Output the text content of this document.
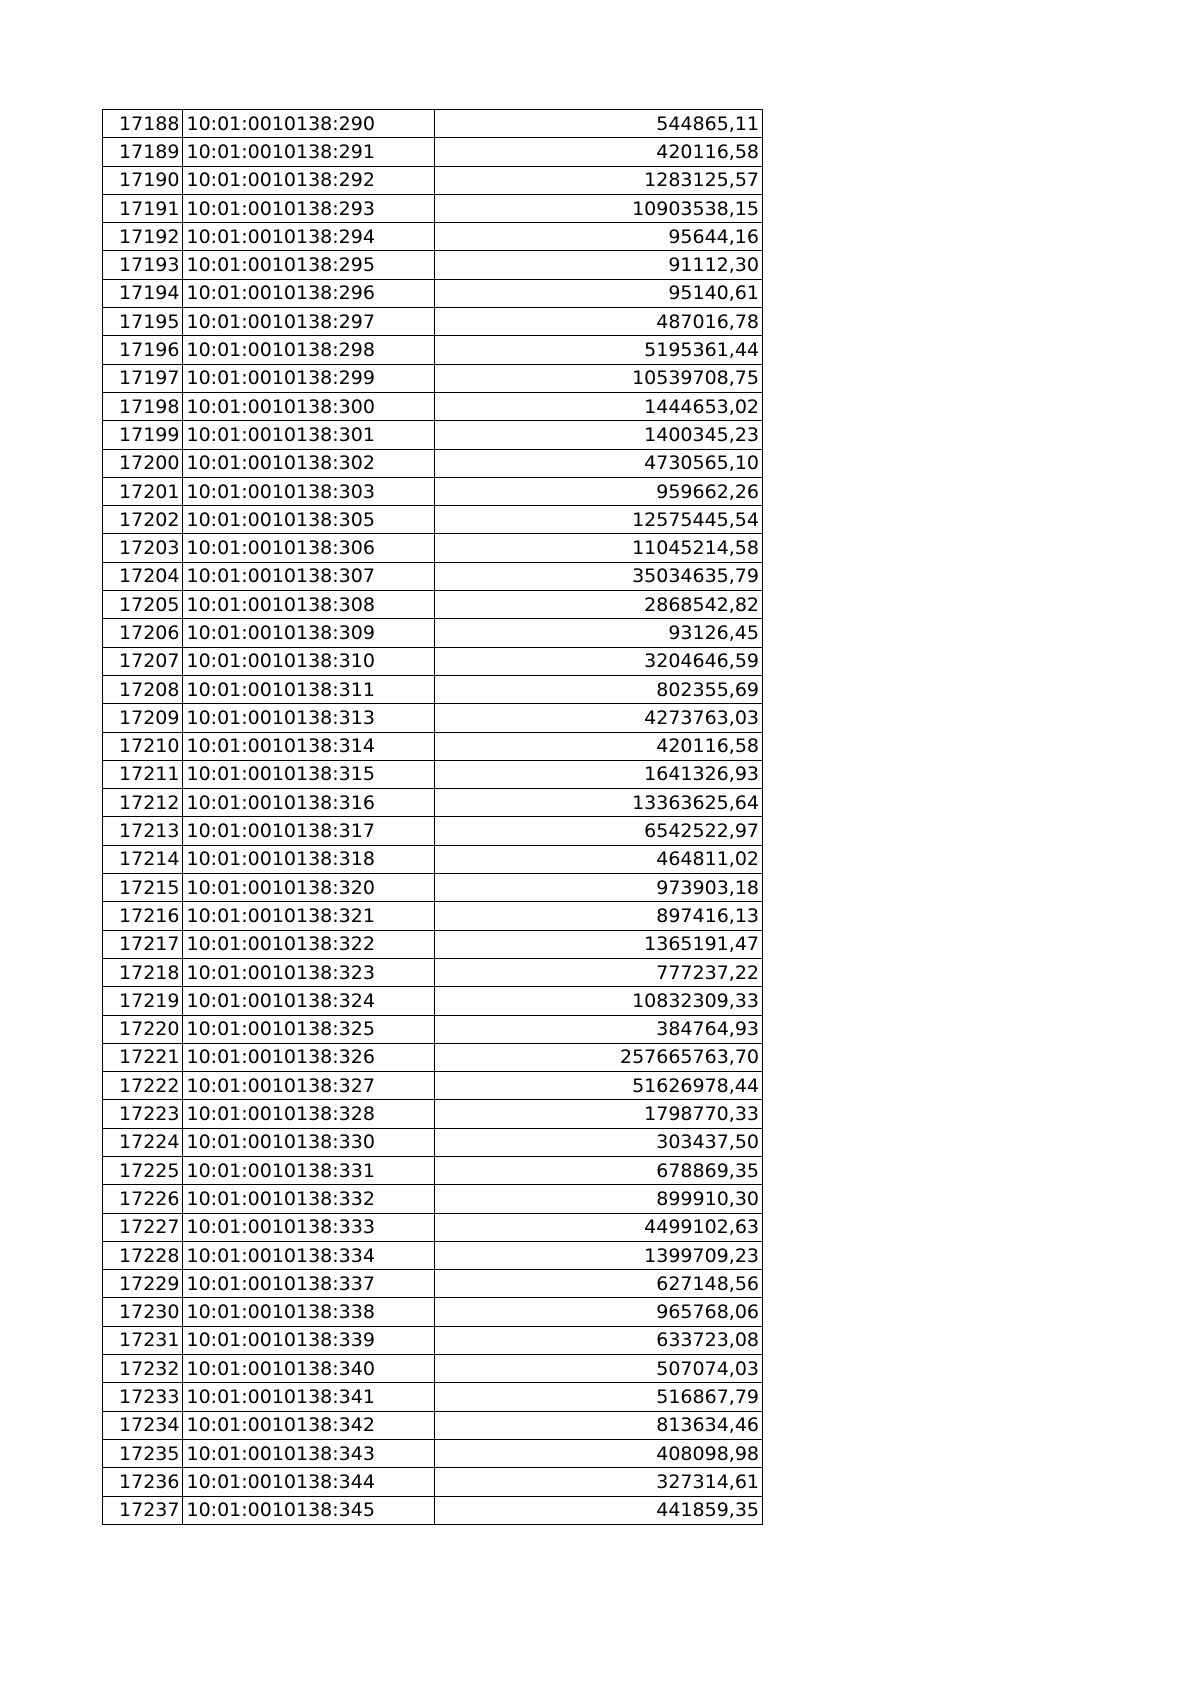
17188	10:01:0010138:290	544865,11
17189	10:01:0010138:291	420116,58
17190	10:01:0010138:292	1283125,57
17191	10:01:0010138:293	10903538,15
17192	10:01:0010138:294	95644,16
17193	10:01:0010138:295	91112,30
17194	10:01:0010138:296	95140,61
17195	10:01:0010138:297	487016,78
17196	10:01:0010138:298	5195361,44
17197	10:01:0010138:299	10539708,75
17198	10:01:0010138:300	1444653,02
17199	10:01:0010138:301	1400345,23
17200	10:01:0010138:302	4730565,10
17201	10:01:0010138:303	959662,26
17202	10:01:0010138:305	12575445,54
17203	10:01:0010138:306	11045214,58
17204	10:01:0010138:307	35034635,79
17205	10:01:0010138:308	2868542,82
17206	10:01:0010138:309	93126,45
17207	10:01:0010138:310	3204646,59
17208	10:01:0010138:311	802355,69
17209	10:01:0010138:313	4273763,03
17210	10:01:0010138:314	420116,58
17211	10:01:0010138:315	1641326,93
17212	10:01:0010138:316	13363625,64
17213	10:01:0010138:317	6542522,97
17214	10:01:0010138:318	464811,02
17215	10:01:0010138:320	973903,18
17216	10:01:0010138:321	897416,13
17217	10:01:0010138:322	1365191,47
17218	10:01:0010138:323	777237,22
17219	10:01:0010138:324	10832309,33
17220	10:01:0010138:325	384764,93
17221	10:01:0010138:326	257665763,70
17222	10:01:0010138:327	51626978,44
17223	10:01:0010138:328	1798770,33
17224	10:01:0010138:330	303437,50
17225	10:01:0010138:331	678869,35
17226	10:01:0010138:332	899910,30
17227	10:01:0010138:333	4499102,63
17228	10:01:0010138:334	1399709,23
17229	10:01:0010138:337	627148,56
17230	10:01:0010138:338	965768,06
17231	10:01:0010138:339	633723,08
17232	10:01:0010138:340	507074,03
17233	10:01:0010138:341	516867,79
17234	10:01:0010138:342	813634,46
17235	10:01:0010138:343	408098,98
17236	10:01:0010138:344	327314,61
17237	10:01:0010138:345	441859,35
